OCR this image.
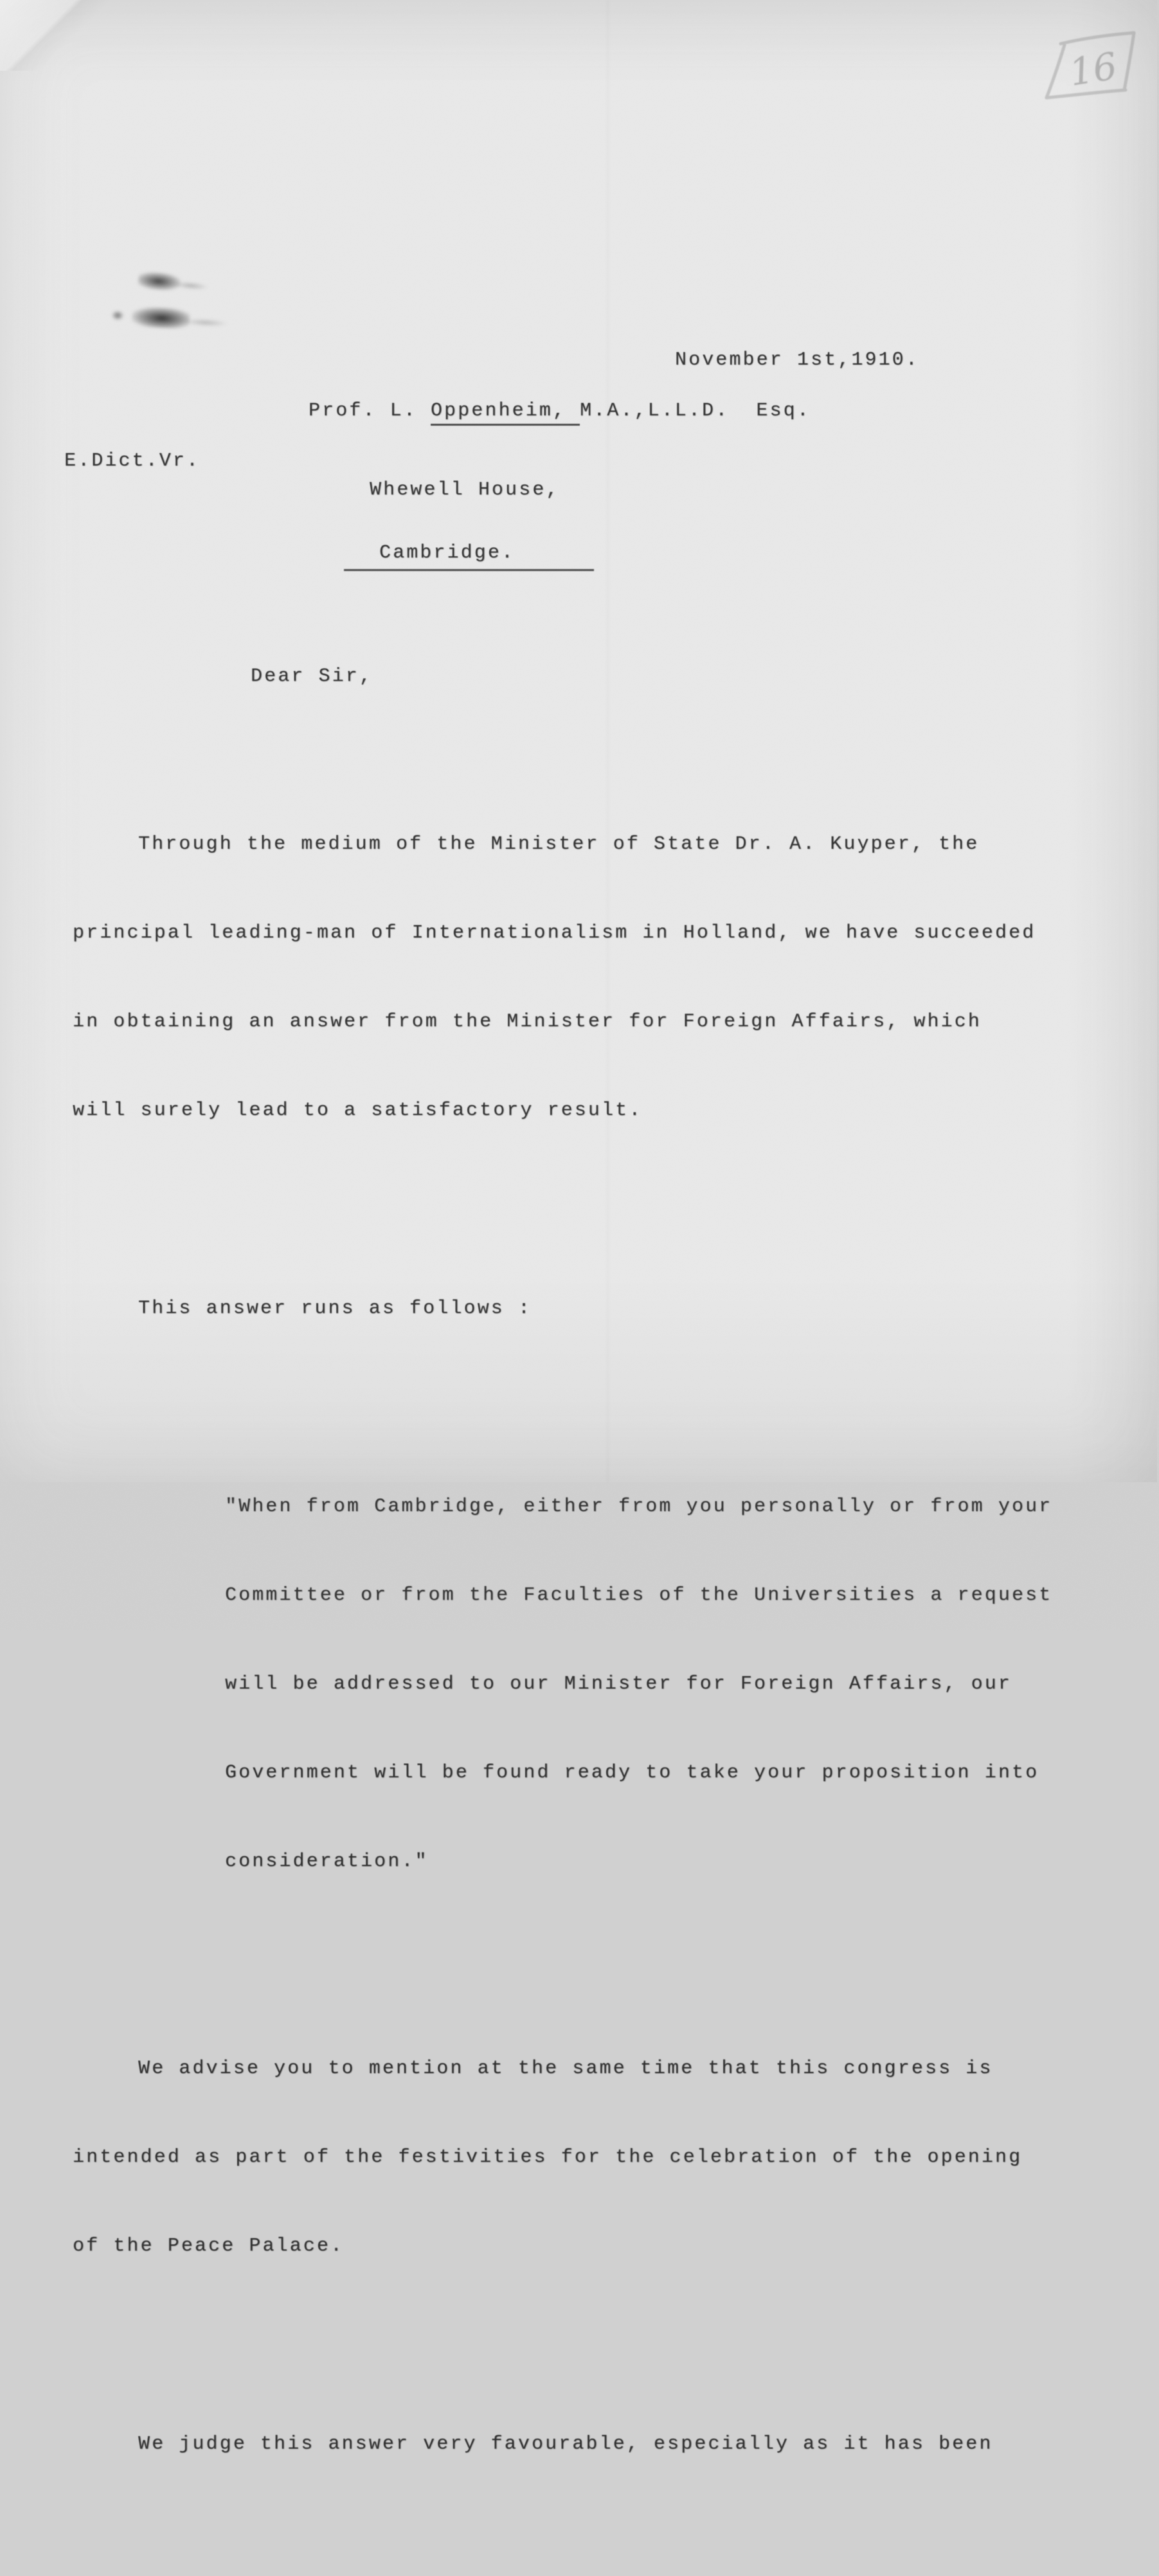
16
November 1st,1910.
Prof. L. Oppenheim, M.A.,L.L.D.  Esq.
E.Dict.Vr.
Whewell House,
Cambridge.
Dear Sir,

Through the medium of the Minister of State Dr. A. Kuyper, the

principal leading-man of Internationalism in Holland, we have succeeded

in obtaining an answer from the Minister for Foreign Affairs, which

will surely lead to a satisfactory result.

This answer runs as follows :

"When from Cambridge, either from you personally or from your

Committee or from the Faculties of the Universities a request

will be addressed to our Minister for Foreign Affairs, our

Government will be found ready to take your proposition into

consideration."

We advise you to mention at the same time that this congress is

intended as part of the festivities for the celebration of the opening

of the Peace Palace.

We judge this answer very favourable, especially as it has been
